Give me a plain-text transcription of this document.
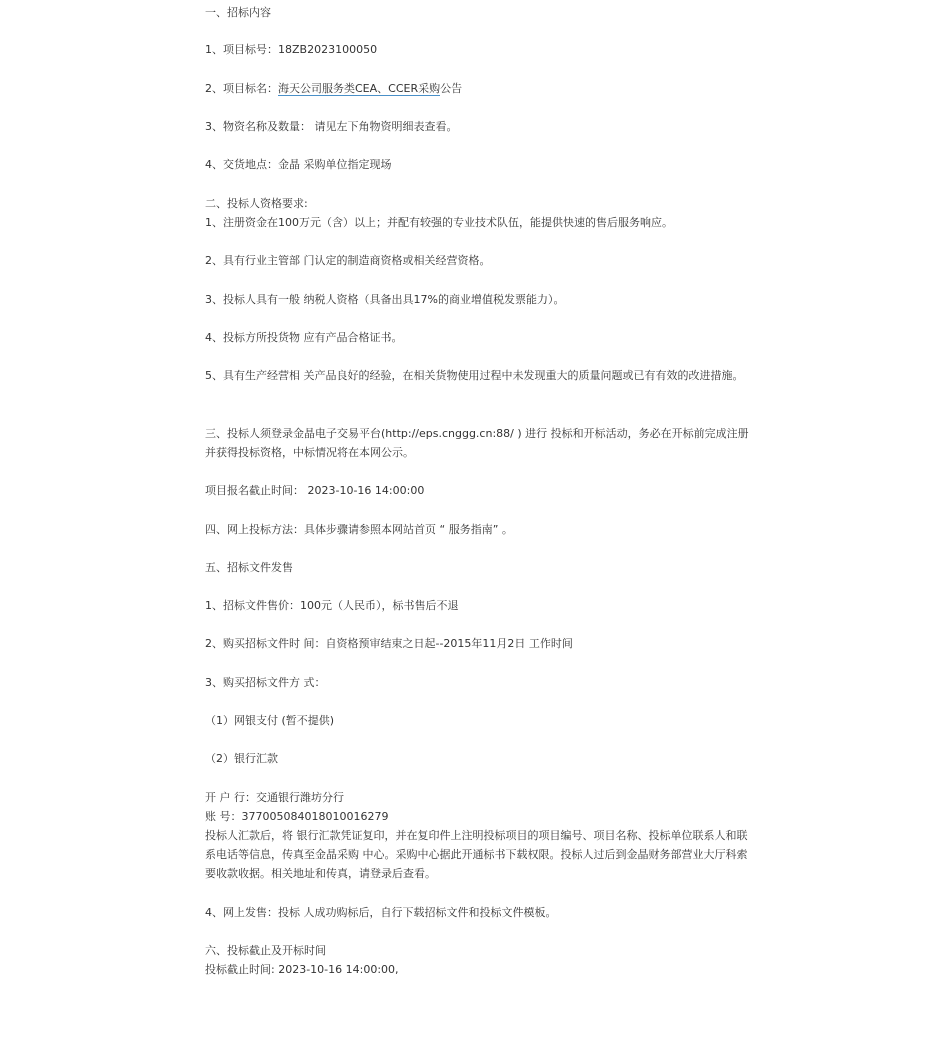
一、招标内容
1、项目标号：18ZB2023100050
2、项目标名：海天公司服务类CEA、CCER采购公告
3、物资名称及数量： 请见左下角物资明细表查看。
4、交货地点：金晶 采购单位指定现场
二、投标人资格要求:
1、注册资金在100万元（含）以上；并配有较强的专业技术队伍，能提供快速的售后服务响应。
2、具有行业主管部 门认定的制造商资格或相关经营资格。
3、投标人具有一般 纳税人资格（具备出具17%的商业增值税发票能力）。
4、投标方所投货物 应有产品合格证书。
5、具有生产经营相 关产品良好的经验，在相关货物使用过程中未发现重大的质量问题或已有有效的改进措施。
三、投标人须登录金晶电子交易平台(http://eps.cnggg.cn:88/ ) 进行 投标和开标活动，务必在开标前完成注册并获得投标资格，中标情况将在本网公示。
项目报名截止时间： 2023-10-16 14:00:00
四、网上投标方法：具体步骤请参照本网站首页 “ 服务指南” 。
五、招标文件发售
1、招标文件售价：100元（人民币），标书售后不退
2、购买招标文件时 间：自资格预审结束之日起--2015年11月2日 工作时间
3、购买招标文件方 式：
（1）网银支付 (暂不提供)
（2）银行汇款
开 户 行：交通银行潍坊分行
账 号：377005084018010016279
投标人汇款后，将 银行汇款凭证复印，并在复印件上注明投标项目的项目编号、项目名称、投标单位联系人和联系电话等信息，传真至金晶采购 中心。采购中心据此开通标书下载权限。投标人过后到金晶财务部营业大厅科索要收款收据。相关地址和传真，请登录后查看。
4、网上发售：投标 人成功购标后，自行下载招标文件和投标文件模板。
六、投标截止及开标时间
投标截止时间: 2023-10-16 14:00:00,
